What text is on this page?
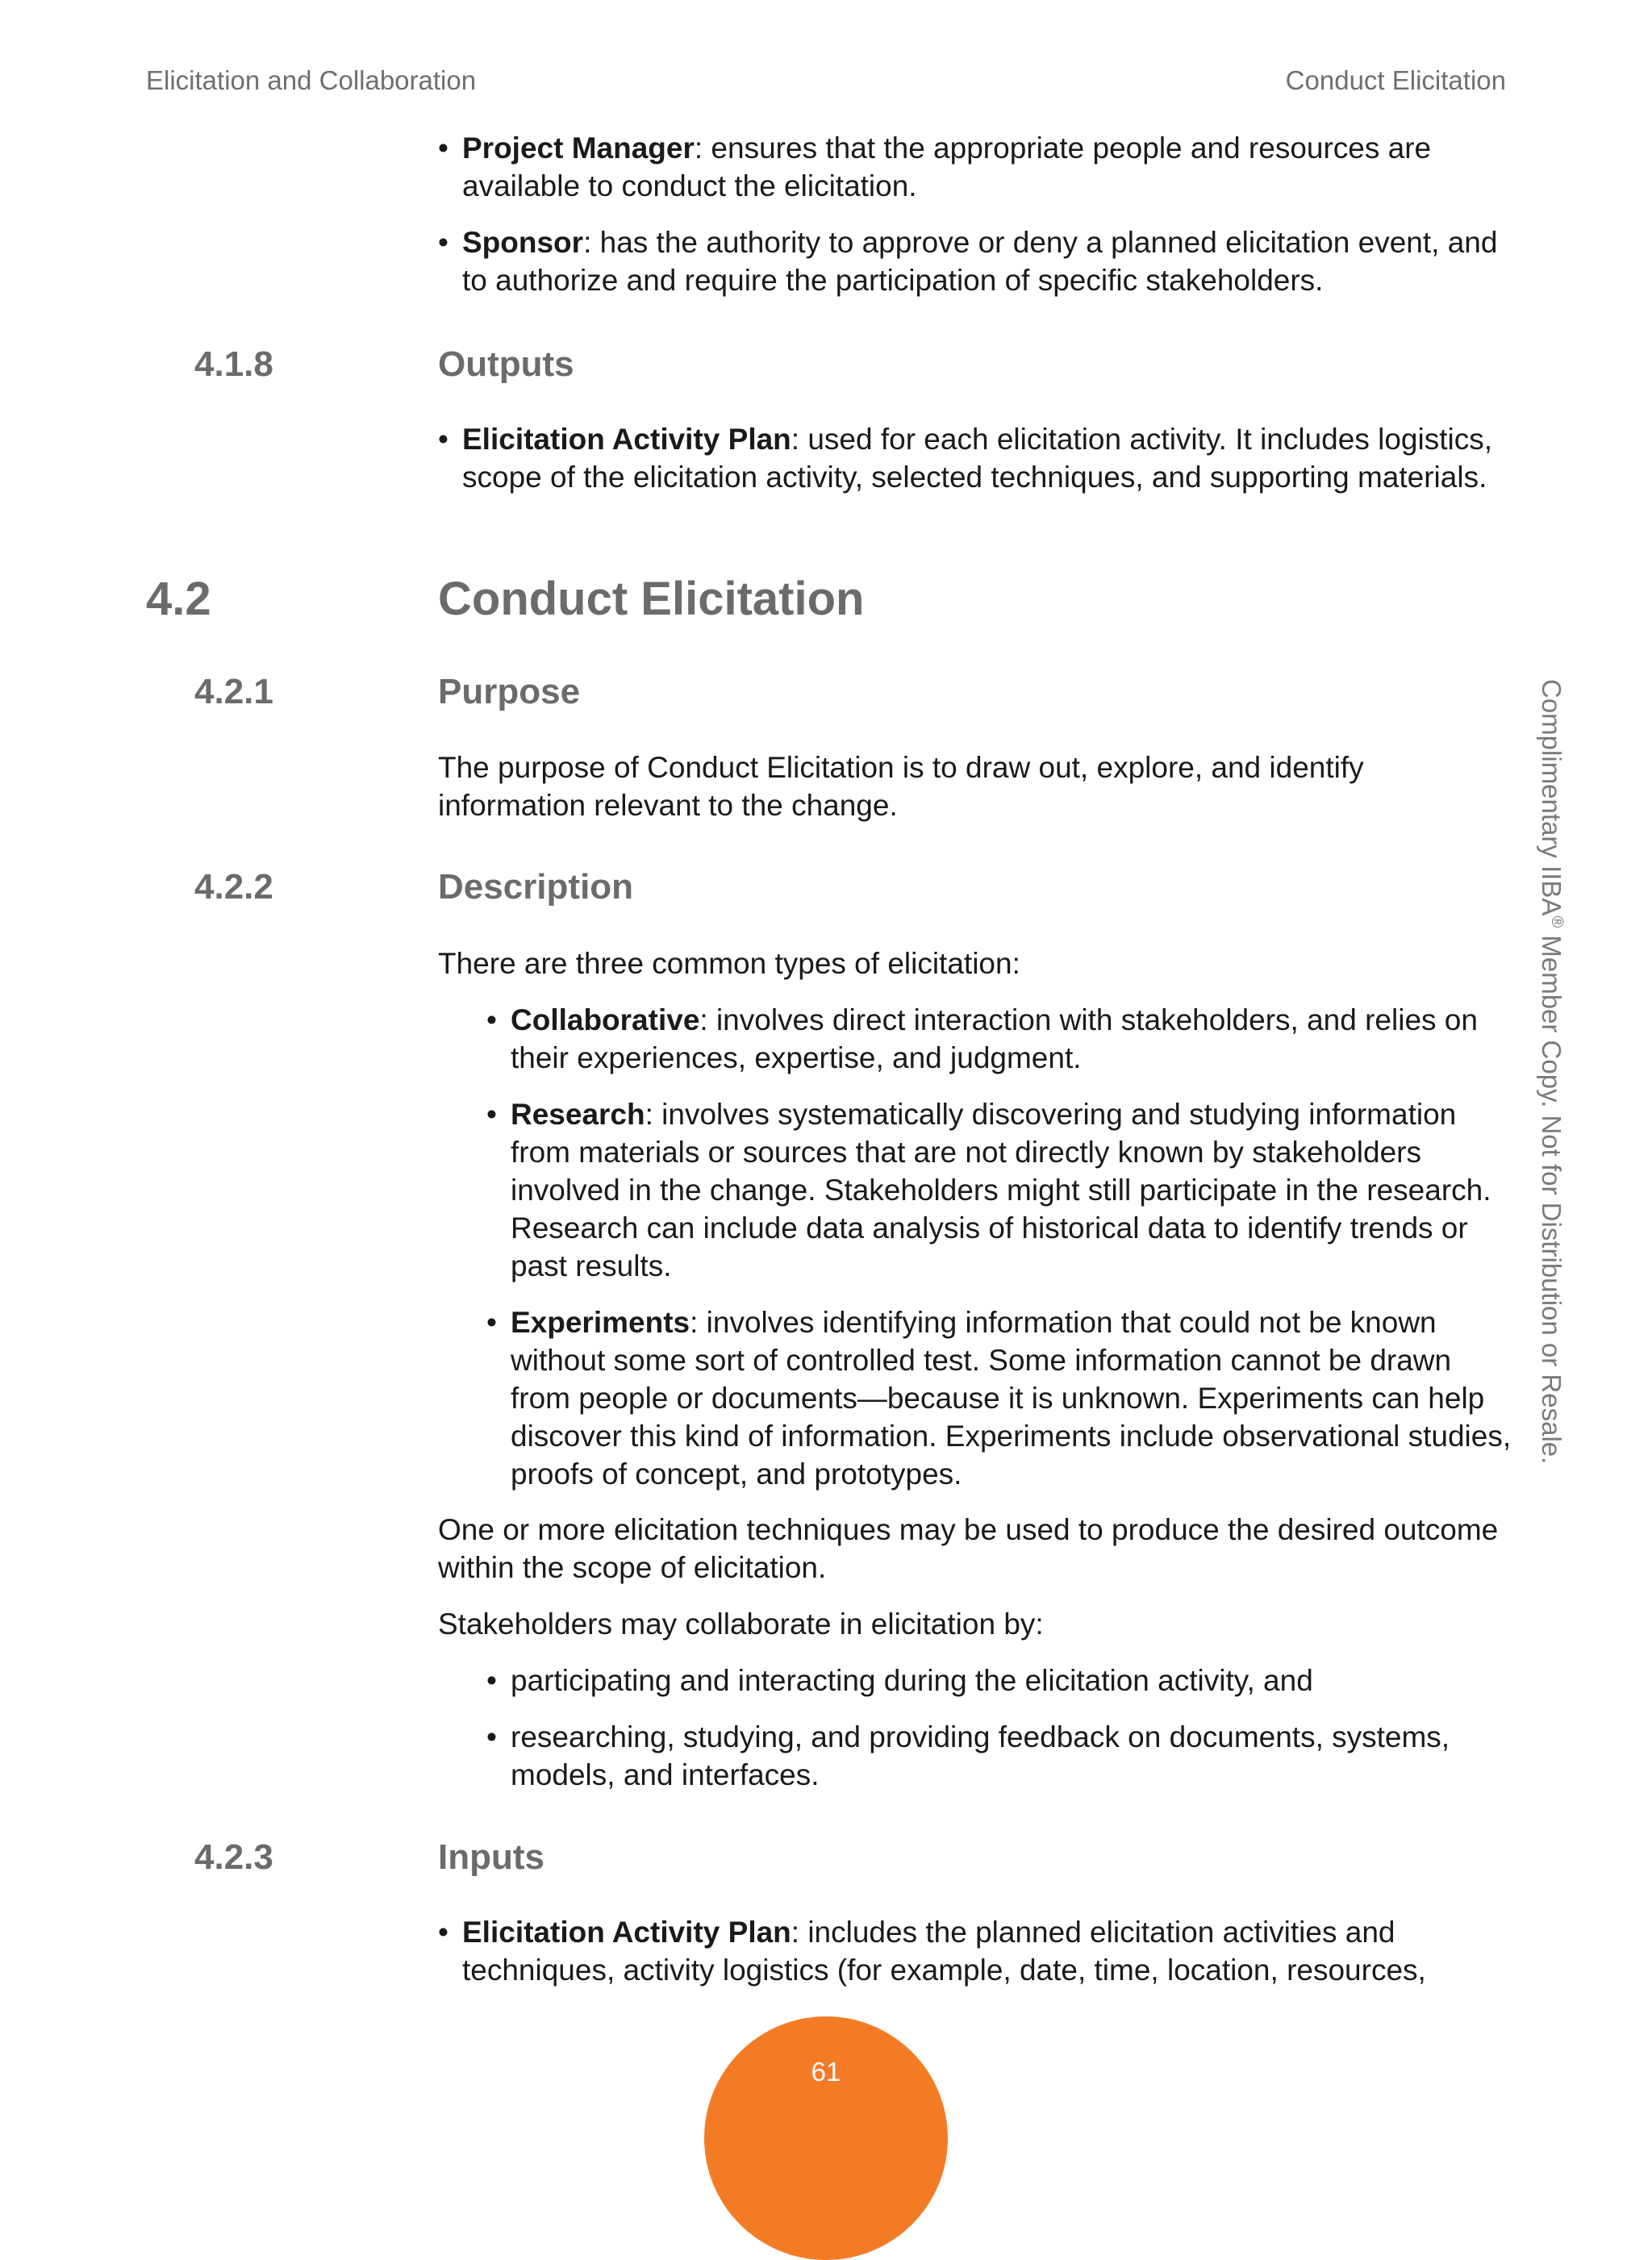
Elicitation and Collaboration	Conduct Elicitation
• Project Manager: ensures that the appropriate people and resources are available to conduct the elicitation.
• Sponsor: has the authority to approve or deny a planned elicitation event, and to authorize and require the participation of specific stakeholders.
4.1.8	Outputs
• Elicitation Activity Plan: used for each elicitation activity. It includes logistics, scope of the elicitation activity, selected techniques, and supporting materials.
4.2	Conduct Elicitation
4.2.1	Purpose
The purpose of Conduct Elicitation is to draw out, explore, and identify information relevant to the change.
4.2.2	Description
There are three common types of elicitation:
• Collaborative: involves direct interaction with stakeholders, and relies on their experiences, expertise, and judgment.
• Research: involves systematically discovering and studying information from materials or sources that are not directly known by stakeholders involved in the change. Stakeholders might still participate in the research. Research can include data analysis of historical data to identify trends or past results.
• Experiments: involves identifying information that could not be known without some sort of controlled test. Some information cannot be drawn from people or documents—because it is unknown. Experiments can help discover this kind of information. Experiments include observational studies, proofs of concept, and prototypes.
One or more elicitation techniques may be used to produce the desired outcome within the scope of elicitation.
Stakeholders may collaborate in elicitation by:
• participating and interacting during the elicitation activity, and
• researching, studying, and providing feedback on documents, systems, models, and interfaces.
4.2.3	Inputs
• Elicitation Activity Plan: includes the planned elicitation activities and techniques, activity logistics (for example, date, time, location, resources,
Complimentary IIBA® Member Copy. Not for Distribution or Resale.
61
